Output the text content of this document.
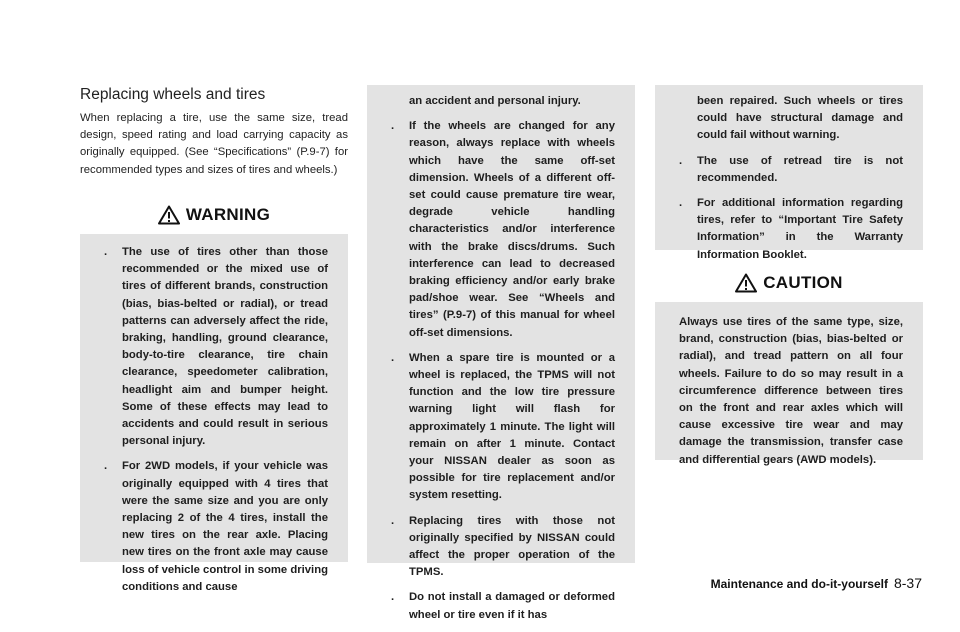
Replacing wheels and tires
When replacing a tire, use the same size, tread design, speed rating and load carrying capacity as originally equipped. (See “Specifications” (P.9-7) for recommended types and sizes of tires and wheels.)
WARNING
. The use of tires other than those recommended or the mixed use of tires of different brands, construction (bias, bias-belted or radial), or tread patterns can adversely affect the ride, braking, handling, ground clearance, body-to-tire clearance, tire chain clearance, speedometer calibration, headlight aim and bumper height. Some of these effects may lead to accidents and could result in serious personal injury.
. For 2WD models, if your vehicle was originally equipped with 4 tires that were the same size and you are only replacing 2 of the 4 tires, install the new tires on the rear axle. Placing new tires on the front axle may cause loss of vehicle control in some driving conditions and cause
an accident and personal injury.
. If the wheels are changed for any reason, always replace with wheels which have the same off-set dimension. Wheels of a different off-set could cause premature tire wear, degrade vehicle handling characteristics and/or interference with the brake discs/drums. Such interference can lead to decreased braking efficiency and/or early brake pad/shoe wear. See “Wheels and tires” (P.9-7) of this manual for wheel off-set dimensions.
. When a spare tire is mounted or a wheel is replaced, the TPMS will not function and the low tire pressure warning light will flash for approximately 1 minute. The light will remain on after 1 minute. Contact your NISSAN dealer as soon as possible for tire replacement and/or system resetting.
. Replacing tires with those not originally specified by NISSAN could affect the proper operation of the TPMS.
. Do not install a damaged or deformed wheel or tire even if it has
been repaired. Such wheels or tires could have structural damage and could fail without warning.
. The use of retread tire is not recommended.
. For additional information regarding tires, refer to “Important Tire Safety Information” in the Warranty Information Booklet.
CAUTION
Always use tires of the same type, size, brand, construction (bias, bias-belted or radial), and tread pattern on all four wheels. Failure to do so may result in a circumference difference between tires on the front and rear axles which will cause excessive tire wear and may damage the transmission, transfer case and differential gears (AWD models).
Maintenance and do-it-yourself 8-37
